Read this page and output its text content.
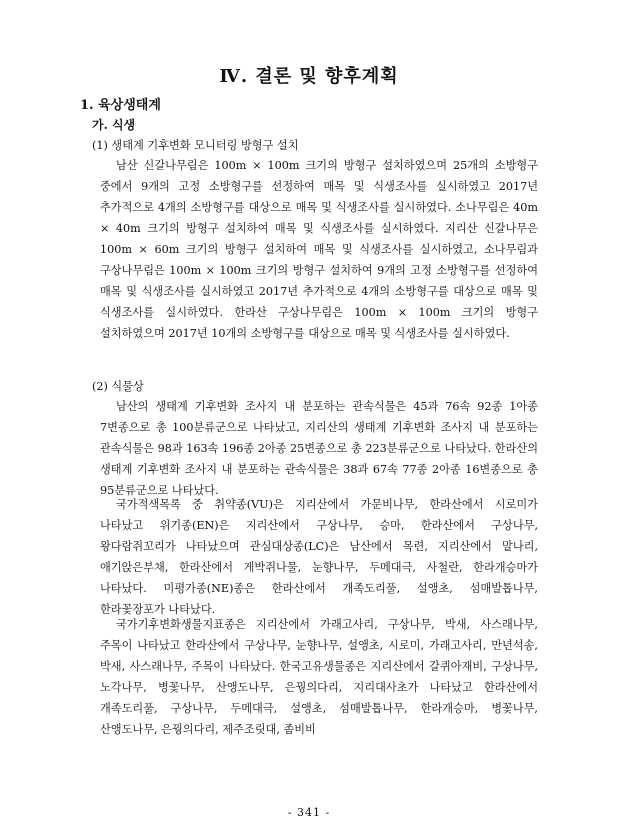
Ⅳ. 결론 및 향후계획
1. 육상생태계
가. 식생
(1) 생태계 기후변화 모니터링 방형구 설치
남산 신갈나무림은 100m × 100m 크기의 방형구 설치하였으며 25개의 소방형구 중에서 9개의 고정 소방형구를 선정하여 매목 및 식생조사를 실시하였고 2017년 추가적으로 4개의 소방형구를 대상으로 매목 및 식생조사를 실시하였다. 소나무림은 40m × 40m 크기의 방형구 설치하여 매목 및 식생조사를 실시하였다. 지리산 신갈나무은 100m × 60m 크기의 방형구 설치하여 매목 및 식생조사를 실시하였고, 소나무림과 구상나무림은 100m × 100m 크기의 방형구 설치하여 9개의 고정 소방형구를 선정하여 매목 및 식생조사를 실시하였고 2017년 추가적으로 4개의 소방형구를 대상으로 매목 및 식생조사를 실시하였다. 한라산 구상나무림은 100m × 100m 크기의 방형구 설치하였으며 2017년 10개의 소방형구를 대상으로 매목 및 식생조사를 실시하였다.
(2) 식물상
남산의 생태계 기후변화 조사지 내 분포하는 관속식물은 45과 76속 92종 1아종 7변종으로 총 100분류군으로 나타났고, 지리산의 생태계 기후변화 조사지 내 분포하는 관속식물은 98과 163속 196종 2아종 25변종으로 총 223분류군으로 나타났다. 한라산의 생태계 기후변화 조사지 내 분포하는 관속식물은 38과 67속 77종 2아종 16변종으로 총 95분류군으로 나타났다.
국가적색목록 중 취약종(VU)은 지리산에서 가문비나무, 한라산에서 시로미가 나타났고 위기종(EN)은 지리산에서 구상나무, 승마, 한라산에서 구상나무, 왕다람쥐꼬리가 나타났으며 관심대상종(LC)은 남산에서 목련, 지리산에서 말나리, 애기앉은부채, 한라산에서 게박쥐나물, 눈향나무, 두메대극, 사철란, 한라개승마가 나타났다. 미평가종(NE)종은 한라산에서 개족도리풀, 설앵초, 섬매발톱나무, 한라꽃장포가 나타났다.
국가기후변화생물지표종은 지리산에서 가래고사리, 구상나무, 박새, 사스래나무, 주목이 나타났고 한라산에서 구상나무, 눈향나무, 설앵초, 시로미, 가래고사리, 만년석송, 박새, 사스래나무, 주목이 나타났다. 한국고유생물종은 지리산에서 갈퀴아재비, 구상나무, 노각나무, 병꽃나무, 산앵도나무, 은꿩의다리, 지리대사초가 나타났고 한라산에서 개족도리풀, 구상나무, 두메대극, 설앵초, 섬매발톱나무, 한라개승마, 병꽃나무, 산앵도나무, 은꿩의다리, 제주조릿대, 좀비비
- 341 -
